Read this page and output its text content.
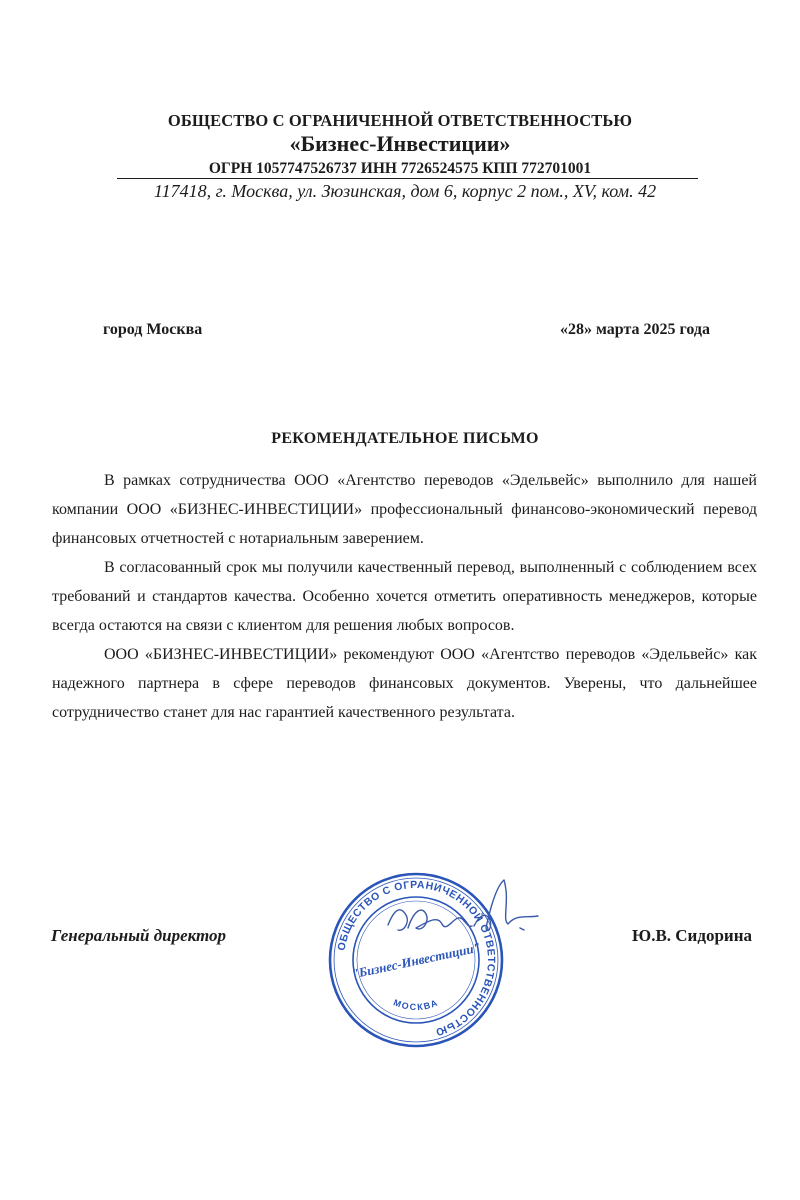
ОБЩЕСТВО С ОГРАНИЧЕННОЙ ОТВЕТСТВЕННОСТЬЮ
«Бизнес-Инвестиции»
ОГРН 1057747526737 ИНН 7726524575 КПП 772701001
117418, г. Москва, ул. Зюзинская, дом 6, корпус 2 пом., XV, ком. 42
город Москва	«28» марта 2025 года
РЕКОМЕНДАТЕЛЬНОЕ ПИСЬМО

В рамках сотрудничества ООО «Агентство переводов «Эдельвейс» выполнило для нашей компании ООО «БИЗНЕС-ИНВЕСТИЦИИ» профессиональный финансово-экономический перевод финансовых отчетностей с нотариальным заверением.

В согласованный срок мы получили качественный перевод, выполненный с соблюдением всех требований и стандартов качества. Особенно хочется отметить оперативность менеджеров, которые всегда остаются на связи с клиентом для решения любых вопросов.

ООО «БИЗНЕС-ИНВЕСТИЦИИ» рекомендуют ООО «Агентство переводов «Эдельвейс» как надежного партнера в сфере переводов финансовых документов. Уверены, что дальнейшее сотрудничество станет для нас гарантией качественного результата.

Генеральный директор
ОБЩЕСТВО С ОГРАНИЧЕННОЙ ОТВЕТСТВЕННОСТЬЮ
МОСКВА
"Бизнес-Инвестиции"
Ю.В. Сидорина
